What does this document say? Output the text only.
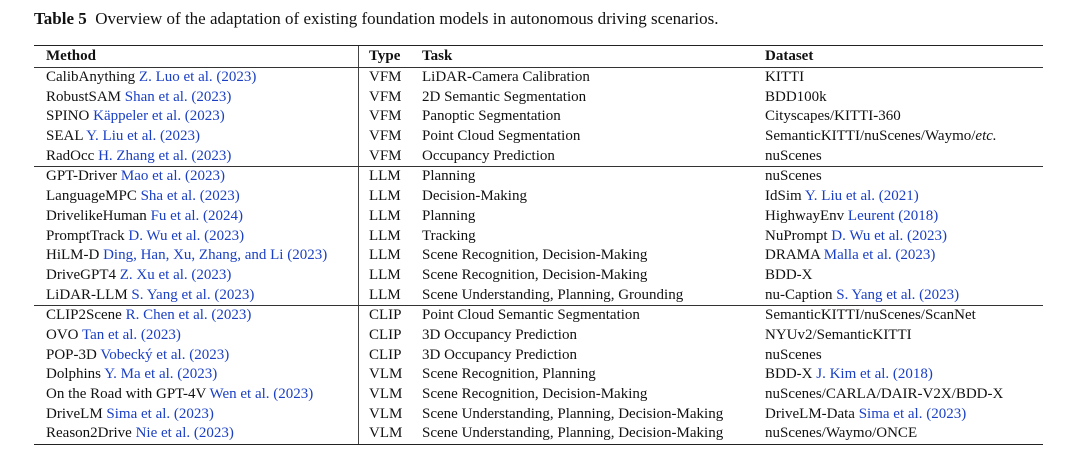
Table 5 Overview of the adaptation of existing foundation models in autonomous driving scenarios.
Method	Type	Task	Dataset
CalibAnything Z. Luo et al. (2023)	VFM	LiDAR-Camera Calibration	KITTI
RobustSAM Shan et al. (2023)	VFM	2D Semantic Segmentation	BDD100k
SPINO Käppeler et al. (2023)	VFM	Panoptic Segmentation	Cityscapes/KITTI-360
SEAL Y. Liu et al. (2023)	VFM	Point Cloud Segmentation	SemanticKITTI/nuScenes/Waymo/etc.
RadOcc H. Zhang et al. (2023)	VFM	Occupancy Prediction	nuScenes
GPT-Driver Mao et al. (2023)	LLM	Planning	nuScenes
LanguageMPC Sha et al. (2023)	LLM	Decision-Making	IdSim Y. Liu et al. (2021)
DrivelikeHuman Fu et al. (2024)	LLM	Planning	HighwayEnv Leurent (2018)
PromptTrack D. Wu et al. (2023)	LLM	Tracking	NuPrompt D. Wu et al. (2023)
HiLM-D Ding, Han, Xu, Zhang, and Li (2023)	LLM	Scene Recognition, Decision-Making	DRAMA Malla et al. (2023)
DriveGPT4 Z. Xu et al. (2023)	LLM	Scene Recognition, Decision-Making	BDD-X
LiDAR-LLM S. Yang et al. (2023)	LLM	Scene Understanding, Planning, Grounding	nu-Caption S. Yang et al. (2023)
CLIP2Scene R. Chen et al. (2023)	CLIP	Point Cloud Semantic Segmentation	SemanticKITTI/nuScenes/ScanNet
OVO Tan et al. (2023)	CLIP	3D Occupancy Prediction	NYUv2/SemanticKITTI
POP-3D Vobecký et al. (2023)	CLIP	3D Occupancy Prediction	nuScenes
Dolphins Y. Ma et al. (2023)	VLM	Scene Recognition, Planning	BDD-X J. Kim et al. (2018)
On the Road with GPT-4V Wen et al. (2023)	VLM	Scene Recognition, Decision-Making	nuScenes/CARLA/DAIR-V2X/BDD-X
DriveLM Sima et al. (2023)	VLM	Scene Understanding, Planning, Decision-Making	DriveLM-Data Sima et al. (2023)
Reason2Drive Nie et al. (2023)	VLM	Scene Understanding, Planning, Decision-Making	nuScenes/Waymo/ONCE
